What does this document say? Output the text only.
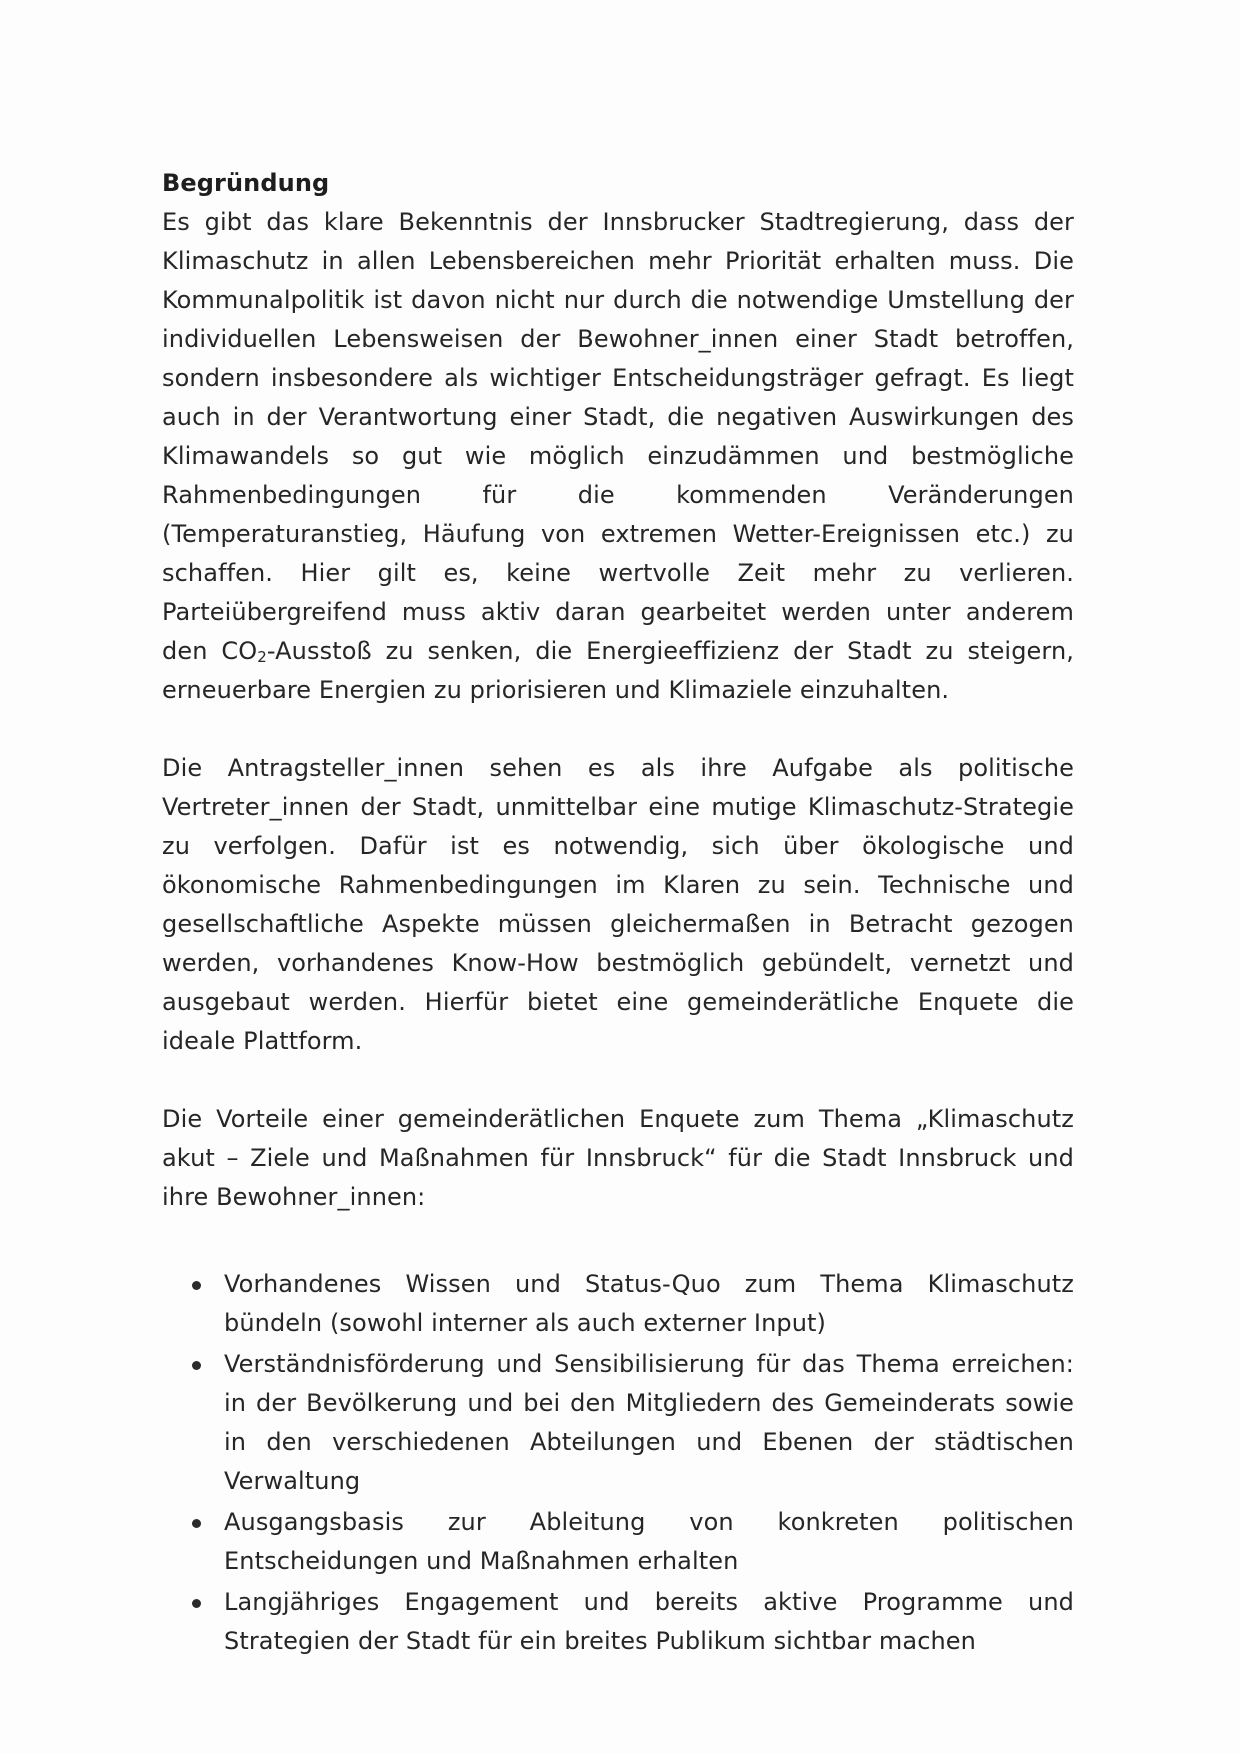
Begründung

Es gibt das klare Bekenntnis der Innsbrucker Stadtregierung, dass der Klimaschutz in allen Lebensbereichen mehr Priorität erhalten muss. Die Kommunalpolitik ist davon nicht nur durch die notwendige Umstellung der individuellen Lebensweisen der Bewohner_innen einer Stadt betroffen, sondern insbesondere als wichtiger Entscheidungsträger gefragt. Es liegt auch in der Verantwortung einer Stadt, die negativen Auswirkungen des Klimawandels so gut wie möglich einzudämmen und bestmögliche Rahmenbedingungen für die kommenden Veränderungen (Temperaturanstieg, Häufung von extremen Wetter-Ereignissen etc.) zu schaffen. Hier gilt es, keine wertvolle Zeit mehr zu verlieren. Parteiübergreifend muss aktiv daran gearbeitet werden unter anderem den $CO_2$-Ausstoß zu senken, die Energieeffizienz der Stadt zu steigern, erneuerbare Energien zu priorisieren und Klimaziele einzuhalten.

Die Antragsteller_innen sehen es als ihre Aufgabe als politische Vertreter_innen der Stadt, unmittelbar eine mutige Klimaschutz-Strategie zu verfolgen. Dafür ist es notwendig, sich über ökologische und ökonomische Rahmenbedingungen im Klaren zu sein. Technische und gesellschaftliche Aspekte müssen gleichermaßen in Betracht gezogen werden, vorhandenes Know-How bestmöglich gebündelt, vernetzt und ausgebaut werden. Hierfür bietet eine gemeinderätliche Enquete die ideale Plattform.

Die Vorteile einer gemeinderätlichen Enquete zum Thema „Klimaschutz akut – Ziele und Maßnahmen für Innsbruck“ für die Stadt Innsbruck und ihre Bewohner_innen:

Vorhandenes Wissen und Status-Quo zum Thema Klimaschutz bündeln (sowohl interner als auch externer Input)
Verständnisförderung und Sensibilisierung für das Thema erreichen: in der Bevölkerung und bei den Mitgliedern des Gemeinderats sowie in den verschiedenen Abteilungen und Ebenen der städtischen Verwaltung
Ausgangsbasis zur Ableitung von konkreten politischen Entscheidungen und Maßnahmen erhalten
Langjähriges Engagement und bereits aktive Programme und Strategien der Stadt für ein breites Publikum sichtbar machen
